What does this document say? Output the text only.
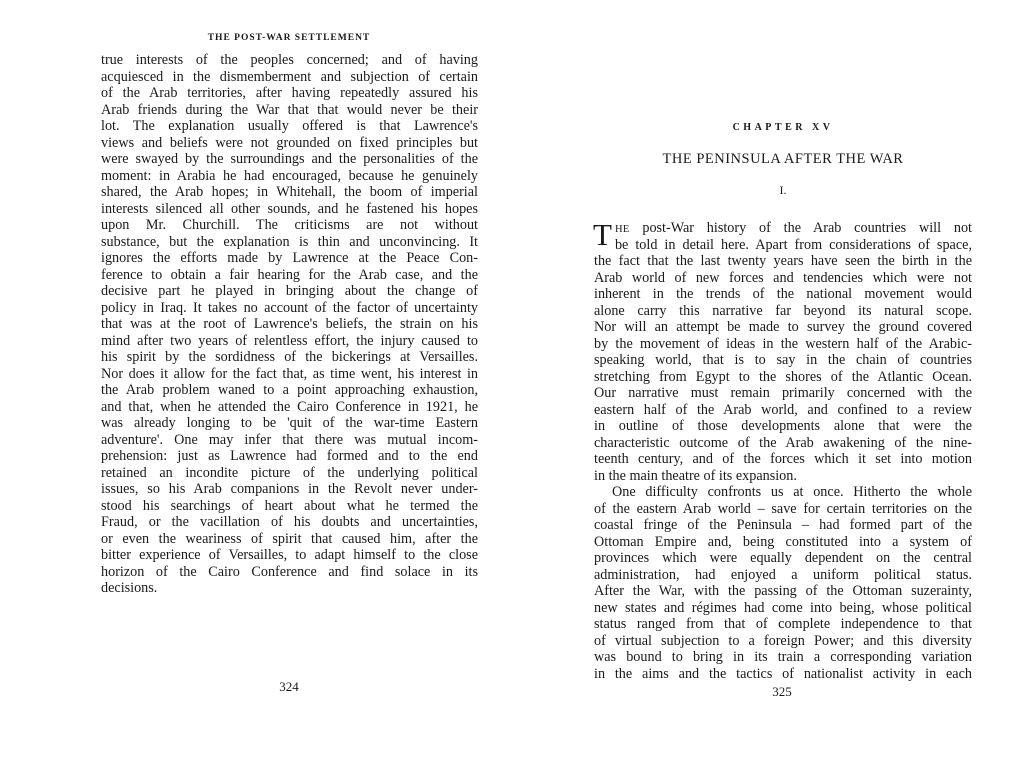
THE POST-WAR SETTLEMENT
true interests of the peoples concerned; and of having
acquiesced in the dismemberment and subjection of certain
of the Arab territories, after having repeatedly assured his
Arab friends during the War that that would never be their
lot. The explanation usually offered is that Lawrence's
views and beliefs were not grounded on fixed principles but
were swayed by the surroundings and the personalities of the
moment: in Arabia he had encouraged, because he genuinely
shared, the Arab hopes; in Whitehall, the boom of imperial
interests silenced all other sounds, and he fastened his hopes
upon Mr. Churchill. The criticisms are not without
substance, but the explanation is thin and unconvincing. It
ignores the efforts made by Lawrence at the Peace Con-
ference to obtain a fair hearing for the Arab case, and the
decisive part he played in bringing about the change of
policy in Iraq. It takes no account of the factor of uncertainty
that was at the root of Lawrence's beliefs, the strain on his
mind after two years of relentless effort, the injury caused to
his spirit by the sordidness of the bickerings at Versailles.
Nor does it allow for the fact that, as time went, his interest in
the Arab problem waned to a point approaching exhaustion,
and that, when he attended the Cairo Conference in 1921, he
was already longing to be 'quit of the war-time Eastern
adventure'. One may infer that there was mutual incom-
prehension: just as Lawrence had formed and to the end
retained an incondite picture of the underlying political
issues, so his Arab companions in the Revolt never under-
stood his searchings of heart about what he termed the
Fraud, or the vacillation of his doubts and uncertainties,
or even the weariness of spirit that caused him, after the
bitter experience of Versailles, to adapt himself to the close
horizon of the Cairo Conference and find solace in its
decisions.
324
CHAPTER XV
THE PENINSULA AFTER THE WAR
I.
T HE post-War history of the Arab countries will not
be told in detail here. Apart from considerations of space,
the fact that the last twenty years have seen the birth in the
Arab world of new forces and tendencies which were not
inherent in the trends of the national movement would
alone carry this narrative far beyond its natural scope.
Nor will an attempt be made to survey the ground covered
by the movement of ideas in the western half of the Arabic-
speaking world, that is to say in the chain of countries
stretching from Egypt to the shores of the Atlantic Ocean.
Our narrative must remain primarily concerned with the
eastern half of the Arab world, and confined to a review
in outline of those developments alone that were the
characteristic outcome of the Arab awakening of the nine-
teenth century, and of the forces which it set into motion
in the main theatre of its expansion.
One difficulty confronts us at once. Hitherto the whole
of the eastern Arab world – save for certain territories on the
coastal fringe of the Peninsula – had formed part of the
Ottoman Empire and, being constituted into a system of
provinces which were equally dependent on the central
administration, had enjoyed a uniform political status.
After the War, with the passing of the Ottoman suzerainty,
new states and régimes had come into being, whose political
status ranged from that of complete independence to that
of virtual subjection to a foreign Power; and this diversity
was bound to bring in its train a corresponding variation
in the aims and the tactics of nationalist activity in each
325
